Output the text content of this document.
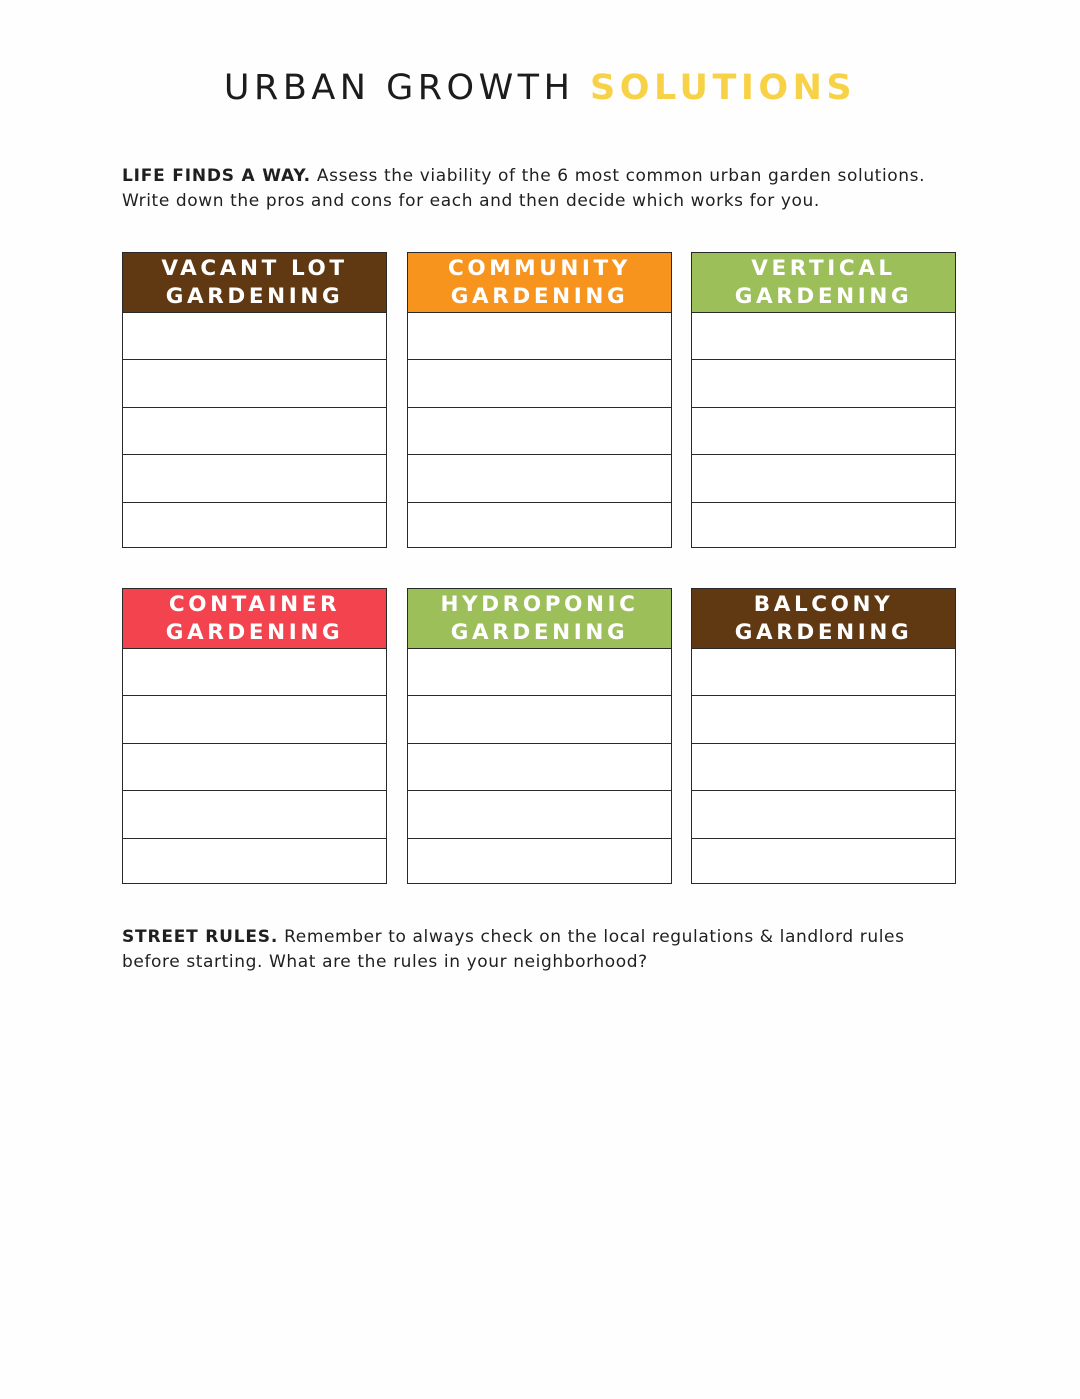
URBAN GROWTH SOLUTIONS
LIFE FINDS A WAY. Assess the viability of the 6 most common urban garden solutions. Write down the pros and cons for each and then decide which works for you.
VACANT LOT
GARDENING
COMMUNITY
GARDENING
VERTICAL
GARDENING
CONTAINER
GARDENING
HYDROPONIC
GARDENING
BALCONY
GARDENING
STREET RULES. Remember to always check on the local regulations & landlord rules before starting. What are the rules in your neighborhood?
